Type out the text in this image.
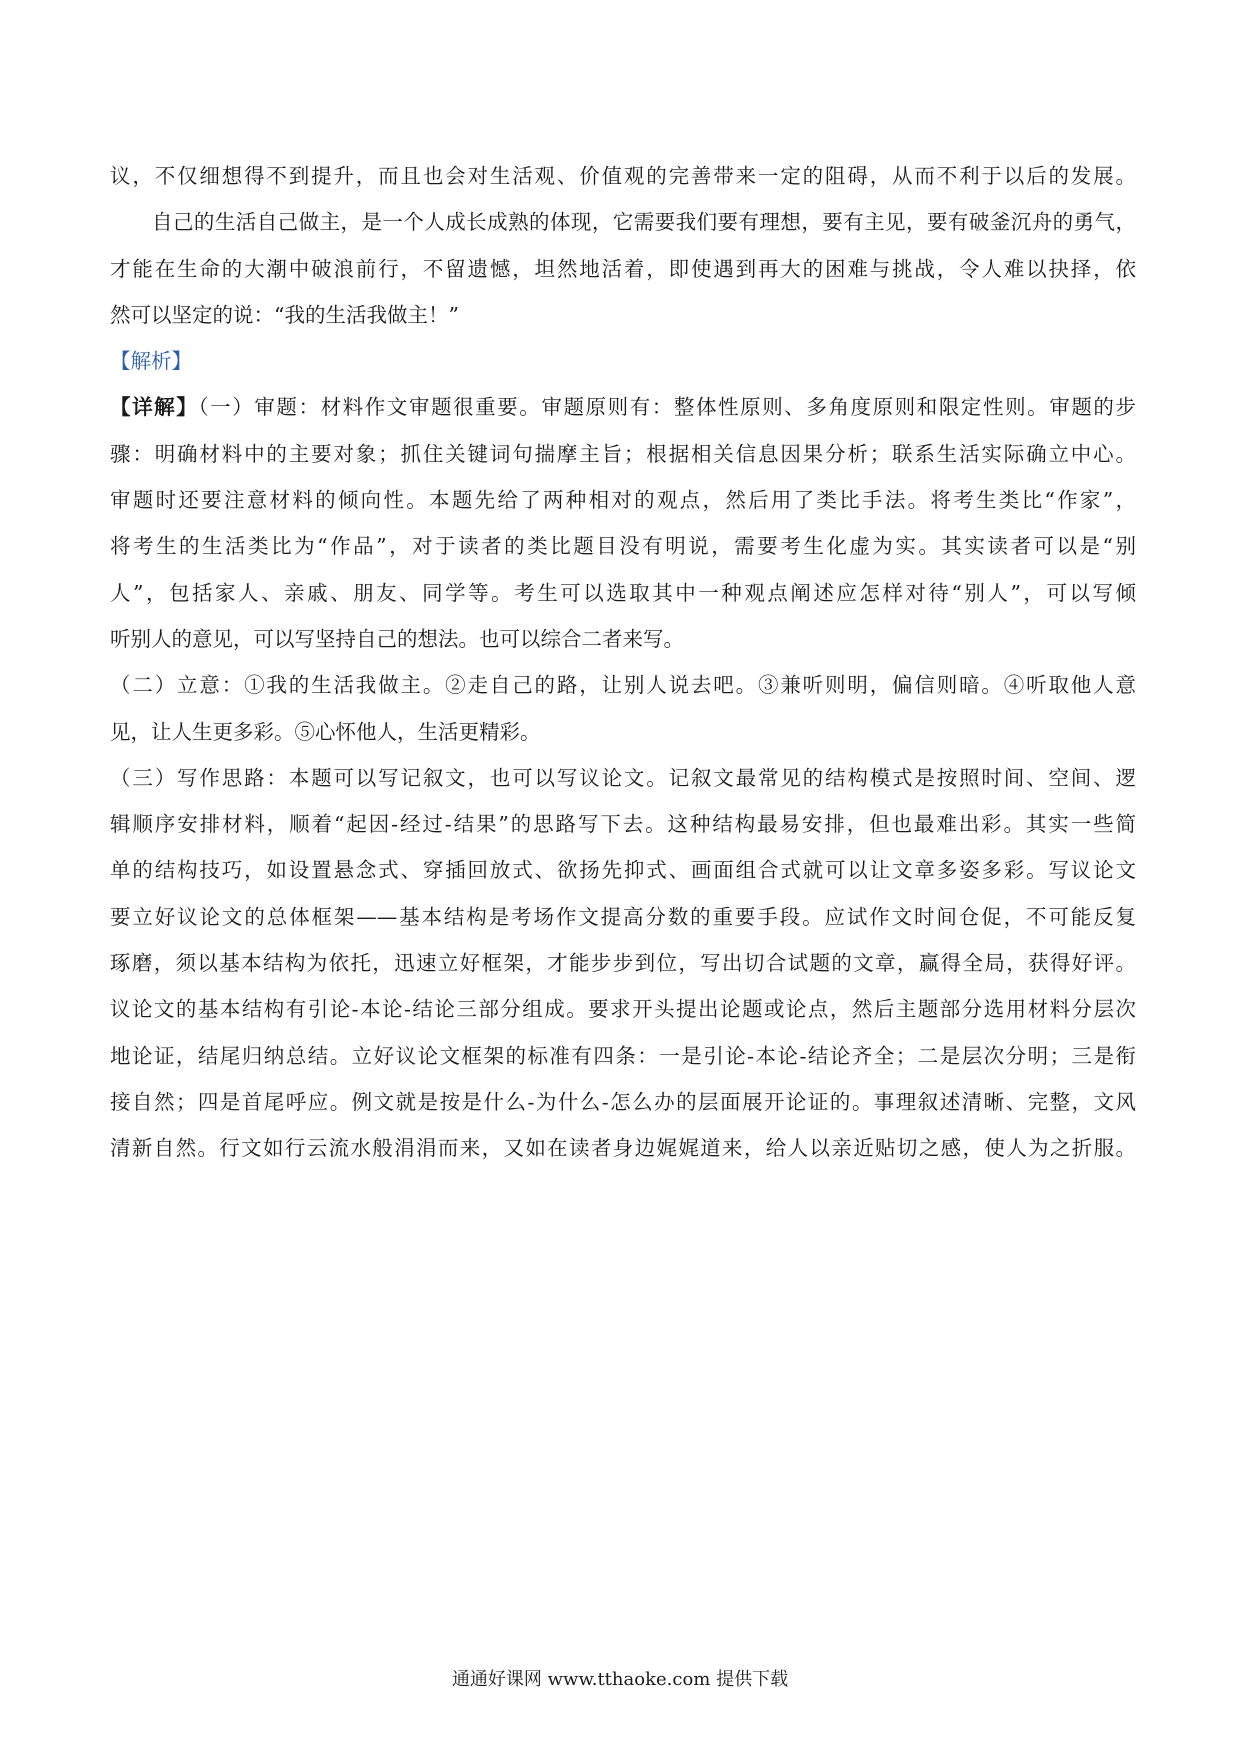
议，不仅细想得不到提升，而且也会对生活观、价值观的完善带来一定的阻碍，从而不利于以后的发展。
自己的生活自己做主，是一个人成长成熟的体现，它需要我们要有理想，要有主见，要有破釜沉舟的勇气，
才能在生命的大潮中破浪前行，不留遗憾，坦然地活着，即使遇到再大的困难与挑战，令人难以抉择，依
然可以坚定的说：“我的生活我做主！”
【解析】
【详解】（一）审题：材料作文审题很重要。审题原则有：整体性原则、多角度原则和限定性则。审题的步
骤：明确材料中的主要对象；抓住关键词句揣摩主旨；根据相关信息因果分析；联系生活实际确立中心。
审题时还要注意材料的倾向性。本题先给了两种相对的观点，然后用了类比手法。将考生类比“作家”，
将考生的生活类比为“作品”，对于读者的类比题目没有明说，需要考生化虚为实。其实读者可以是“别
人”，包括家人、亲戚、朋友、同学等。考生可以选取其中一种观点阐述应怎样对待“别人”，可以写倾
听别人的意见，可以写坚持自己的想法。也可以综合二者来写。
（二）立意：①我的生活我做主。②走自己的路，让别人说去吧。③兼听则明，偏信则暗。④听取他人意
见，让人生更多彩。⑤心怀他人，生活更精彩。
（三）写作思路：本题可以写记叙文，也可以写议论文。记叙文最常见的结构模式是按照时间、空间、逻
辑顺序安排材料，顺着“起因-经过-结果”的思路写下去。这种结构最易安排，但也最难出彩。其实一些简
单的结构技巧，如设置悬念式、穿插回放式、欲扬先抑式、画面组合式就可以让文章多姿多彩。写议论文
要立好议论文的总体框架——基本结构是考场作文提高分数的重要手段。应试作文时间仓促，不可能反复
琢磨，须以基本结构为依托，迅速立好框架，才能步步到位，写出切合试题的文章，赢得全局，获得好评。
议论文的基本结构有引论-本论-结论三部分组成。要求开头提出论题或论点，然后主题部分选用材料分层次
地论证，结尾归纳总结。立好议论文框架的标准有四条：一是引论-本论-结论齐全；二是层次分明；三是衔
接自然；四是首尾呼应。例文就是按是什么-为什么-怎么办的层面展开论证的。事理叙述清晰、完整，文风
清新自然。行文如行云流水般涓涓而来，又如在读者身边娓娓道来，给人以亲近贴切之感，使人为之折服。
通通好课网 www.tthaoke.com 提供下载
